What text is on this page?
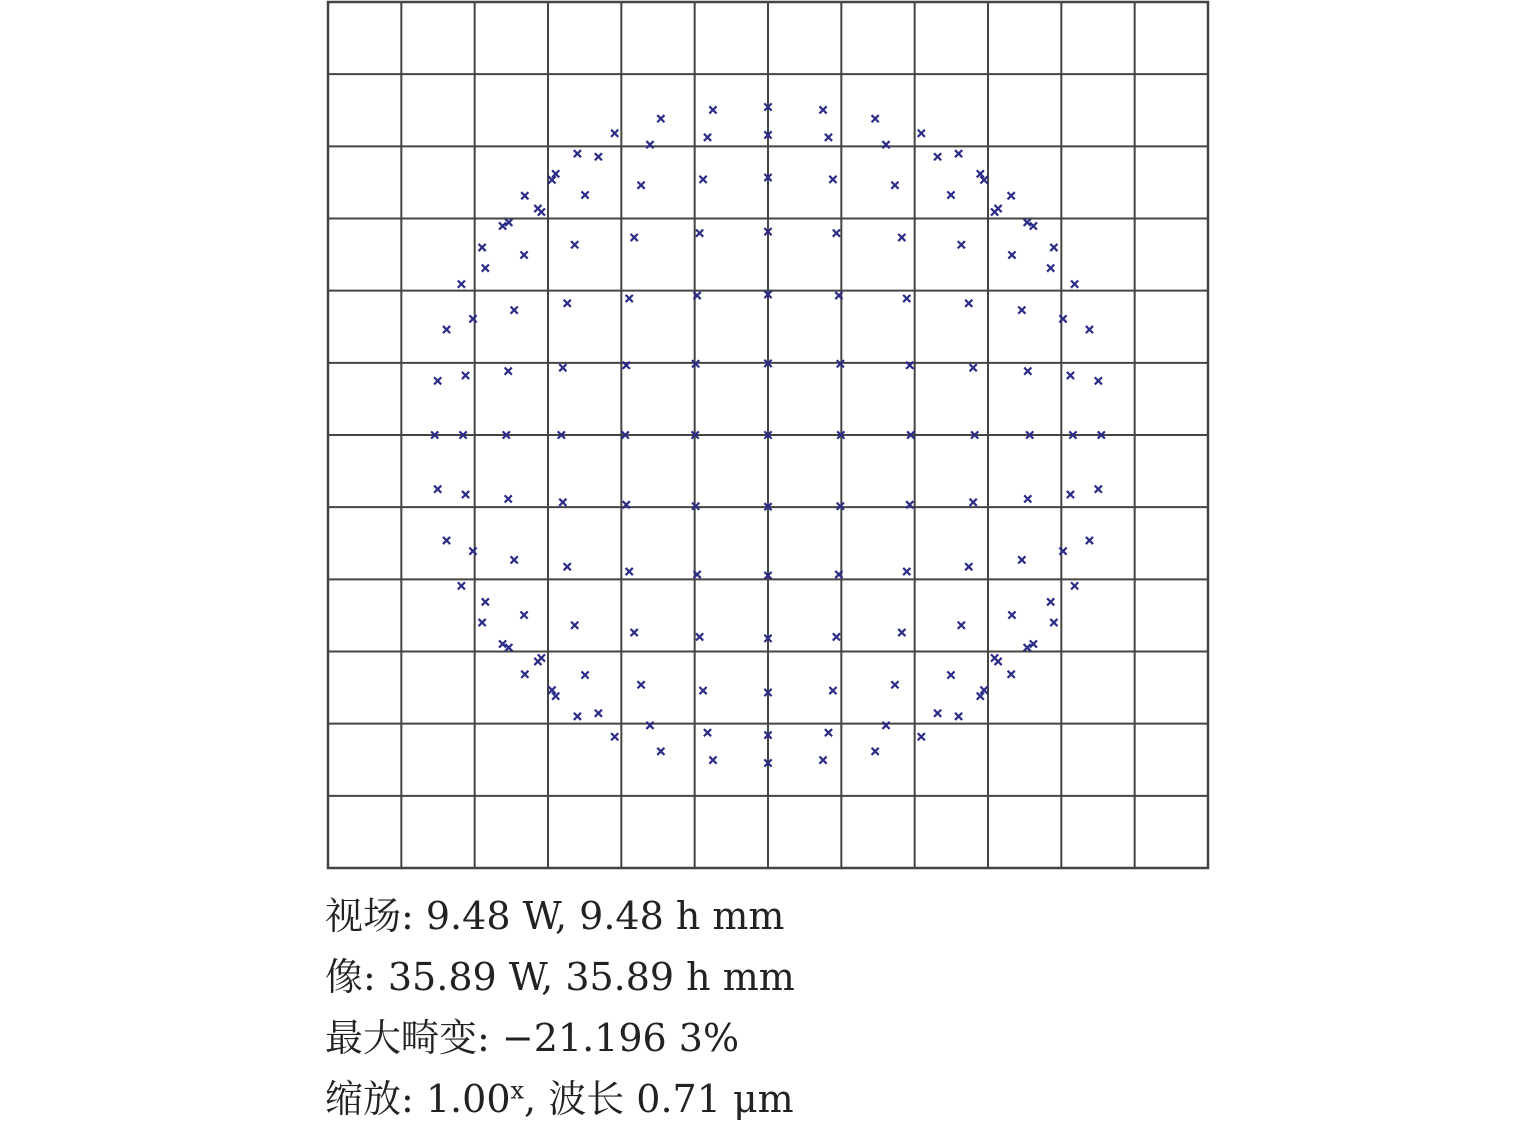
视场: 9.48 W, 9.48 h mm
像: 35.89 W, 35.89 h mm
最大畸变: −21.196 3%
缩放: 1.00$^x$, 波长 0.71 μm
